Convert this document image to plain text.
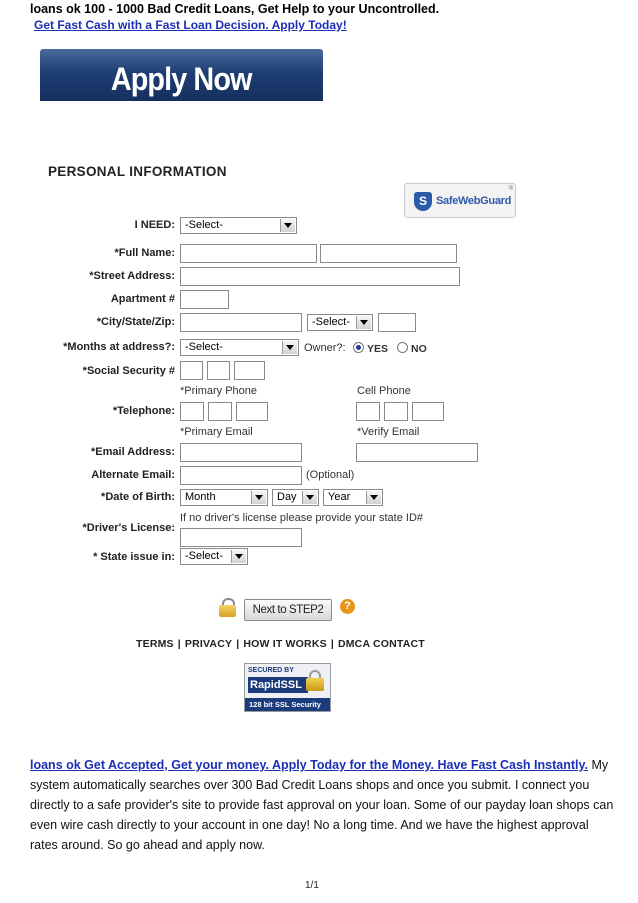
loans ok 100 - 1000 Bad Credit Loans, Get Help to your Uncontrolled.
Get Fast Cash with a Fast Loan Decision. Apply Today!
Apply Now
PERSONAL INFORMATION
S SafeWebGuard
®
I NEED: -Select-
*Full Name:
*Street Address:
Apartment #
*City/State/Zip:	-Select-
*Months at address?: -Select-	Owner?: YES NO
*Social Security #
*Primary Phone	Cell Phone
*Telephone:
*Primary Email	*Verify Email
*Email Address:
Alternate Email:	(Optional)
*Date of Birth: Month	Day	Year
If no driver's license please provide your state ID#
*Driver's License:
* State issue in: -Select-
Next to STEP2	?
TERMS | PRIVACY | HOW IT WORKS | DMCA CONTACT
SECURED BY
RapidSSL
128 bit SSL Security
loans ok Get Accepted, Get your money. Apply Today for the Money. Have Fast Cash Instantly. My system automatically searches over 300 Bad Credit Loans shops and once you submit. I connect you directly to a safe provider's site to provide fast approval on your loan. Some of our payday loan shops can even wire cash directly to your account in one day! No a long time. And we have the highest approval rates around. So go ahead and apply now.
1/1
